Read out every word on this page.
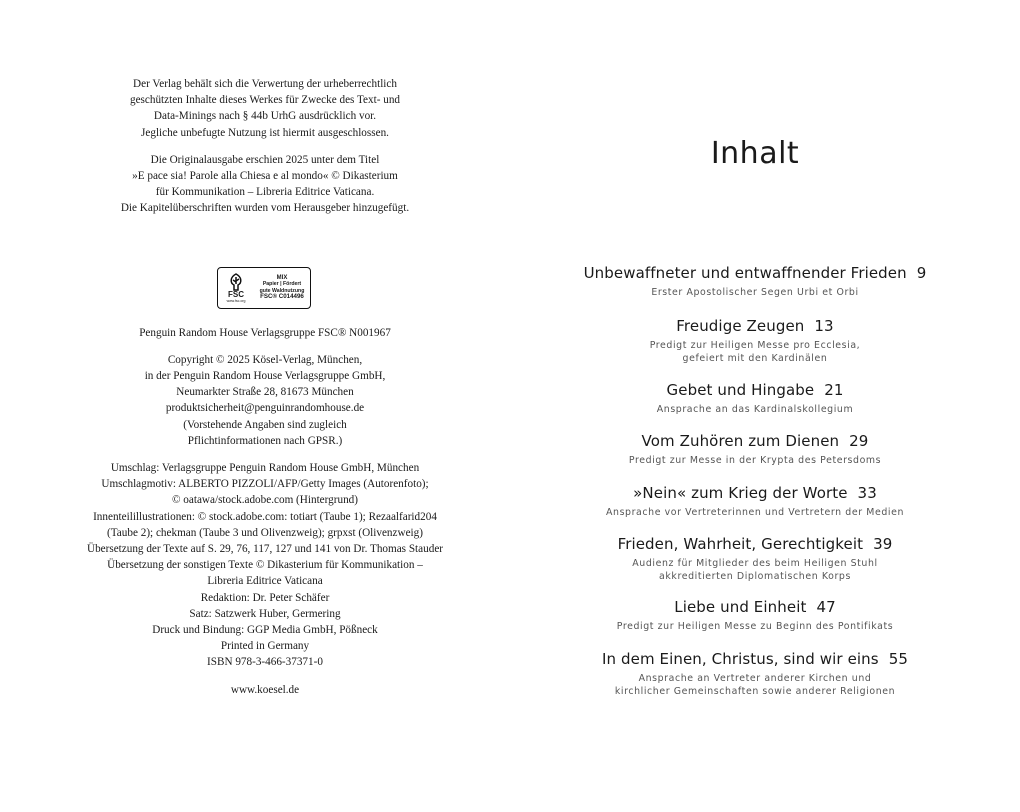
Der Verlag behält sich die Verwertung der urheberrechtlich

geschützten Inhalte dieses Werkes für Zwecke des Text- und

Data-Minings nach § 44b UrhG ausdrücklich vor.

Jegliche unbefugte Nutzung ist hiermit ausgeschlossen.

Die Originalausgabe erschien 2025 unter dem Titel

»E pace sia! Parole alla Chiesa e al mondo« © Dikasterium

für Kommunikation – Libreria Editrice Vaticana.

Die Kapitelüberschriften wurden vom Herausgeber hinzugefügt.

FSC
www.fsc.org
MIX
Papier | Fördert
gute Waldnutzung
FSC® C014496

Penguin Random House Verlagsgruppe FSC® N001967

Copyright © 2025 Kösel-Verlag, München,

in der Penguin Random House Verlagsgruppe GmbH,

Neumarkter Straße 28, 81673 München

produktsicherheit@penguinrandomhouse.de

(Vorstehende Angaben sind zugleich

Pflichtinformationen nach GPSR.)

Umschlag: Verlagsgruppe Penguin Random House GmbH, München

Umschlagmotiv: ALBERTO PIZZOLI/AFP/Getty Images (Autorenfoto);

© oatawa/stock.adobe.com (Hintergrund)

Innenteilillustrationen: © stock.adobe.com: totiart (Taube 1); Rezaalfarid204

(Taube 2); chekman (Taube 3 und Olivenzweig); grpxst (Olivenzweig)

Übersetzung der Texte auf S. 29, 76, 117, 127 und 141 von Dr. Thomas Stauder

Übersetzung der sonstigen Texte © Dikasterium für Kommunikation –

Libreria Editrice Vaticana

Redaktion: Dr. Peter Schäfer

Satz: Satzwerk Huber, Germering

Druck und Bindung: GGP Media GmbH, Pößneck

Printed in Germany

ISBN 978-3-466-37371-0

www.koesel.de

Inhalt
Unbewaffneter und entwaffnender Frieden 9
Erster Apostolischer Segen Urbi et Orbi
Freudige Zeugen 13
Predigt zur Heiligen Messe pro Ecclesia,
gefeiert mit den Kardinälen
Gebet und Hingabe 21
Ansprache an das Kardinalskollegium
Vom Zuhören zum Dienen 29
Predigt zur Messe in der Krypta des Petersdoms
»Nein« zum Krieg der Worte 33
Ansprache vor Vertreterinnen und Vertretern der Medien
Frieden, Wahrheit, Gerechtigkeit 39
Audienz für Mitglieder des beim Heiligen Stuhl
akkreditierten Diplomatischen Korps
Liebe und Einheit 47
Predigt zur Heiligen Messe zu Beginn des Pontifikats
In dem Einen, Christus, sind wir eins 55
Ansprache an Vertreter anderer Kirchen und
kirchlicher Gemeinschaften sowie anderer Religionen
